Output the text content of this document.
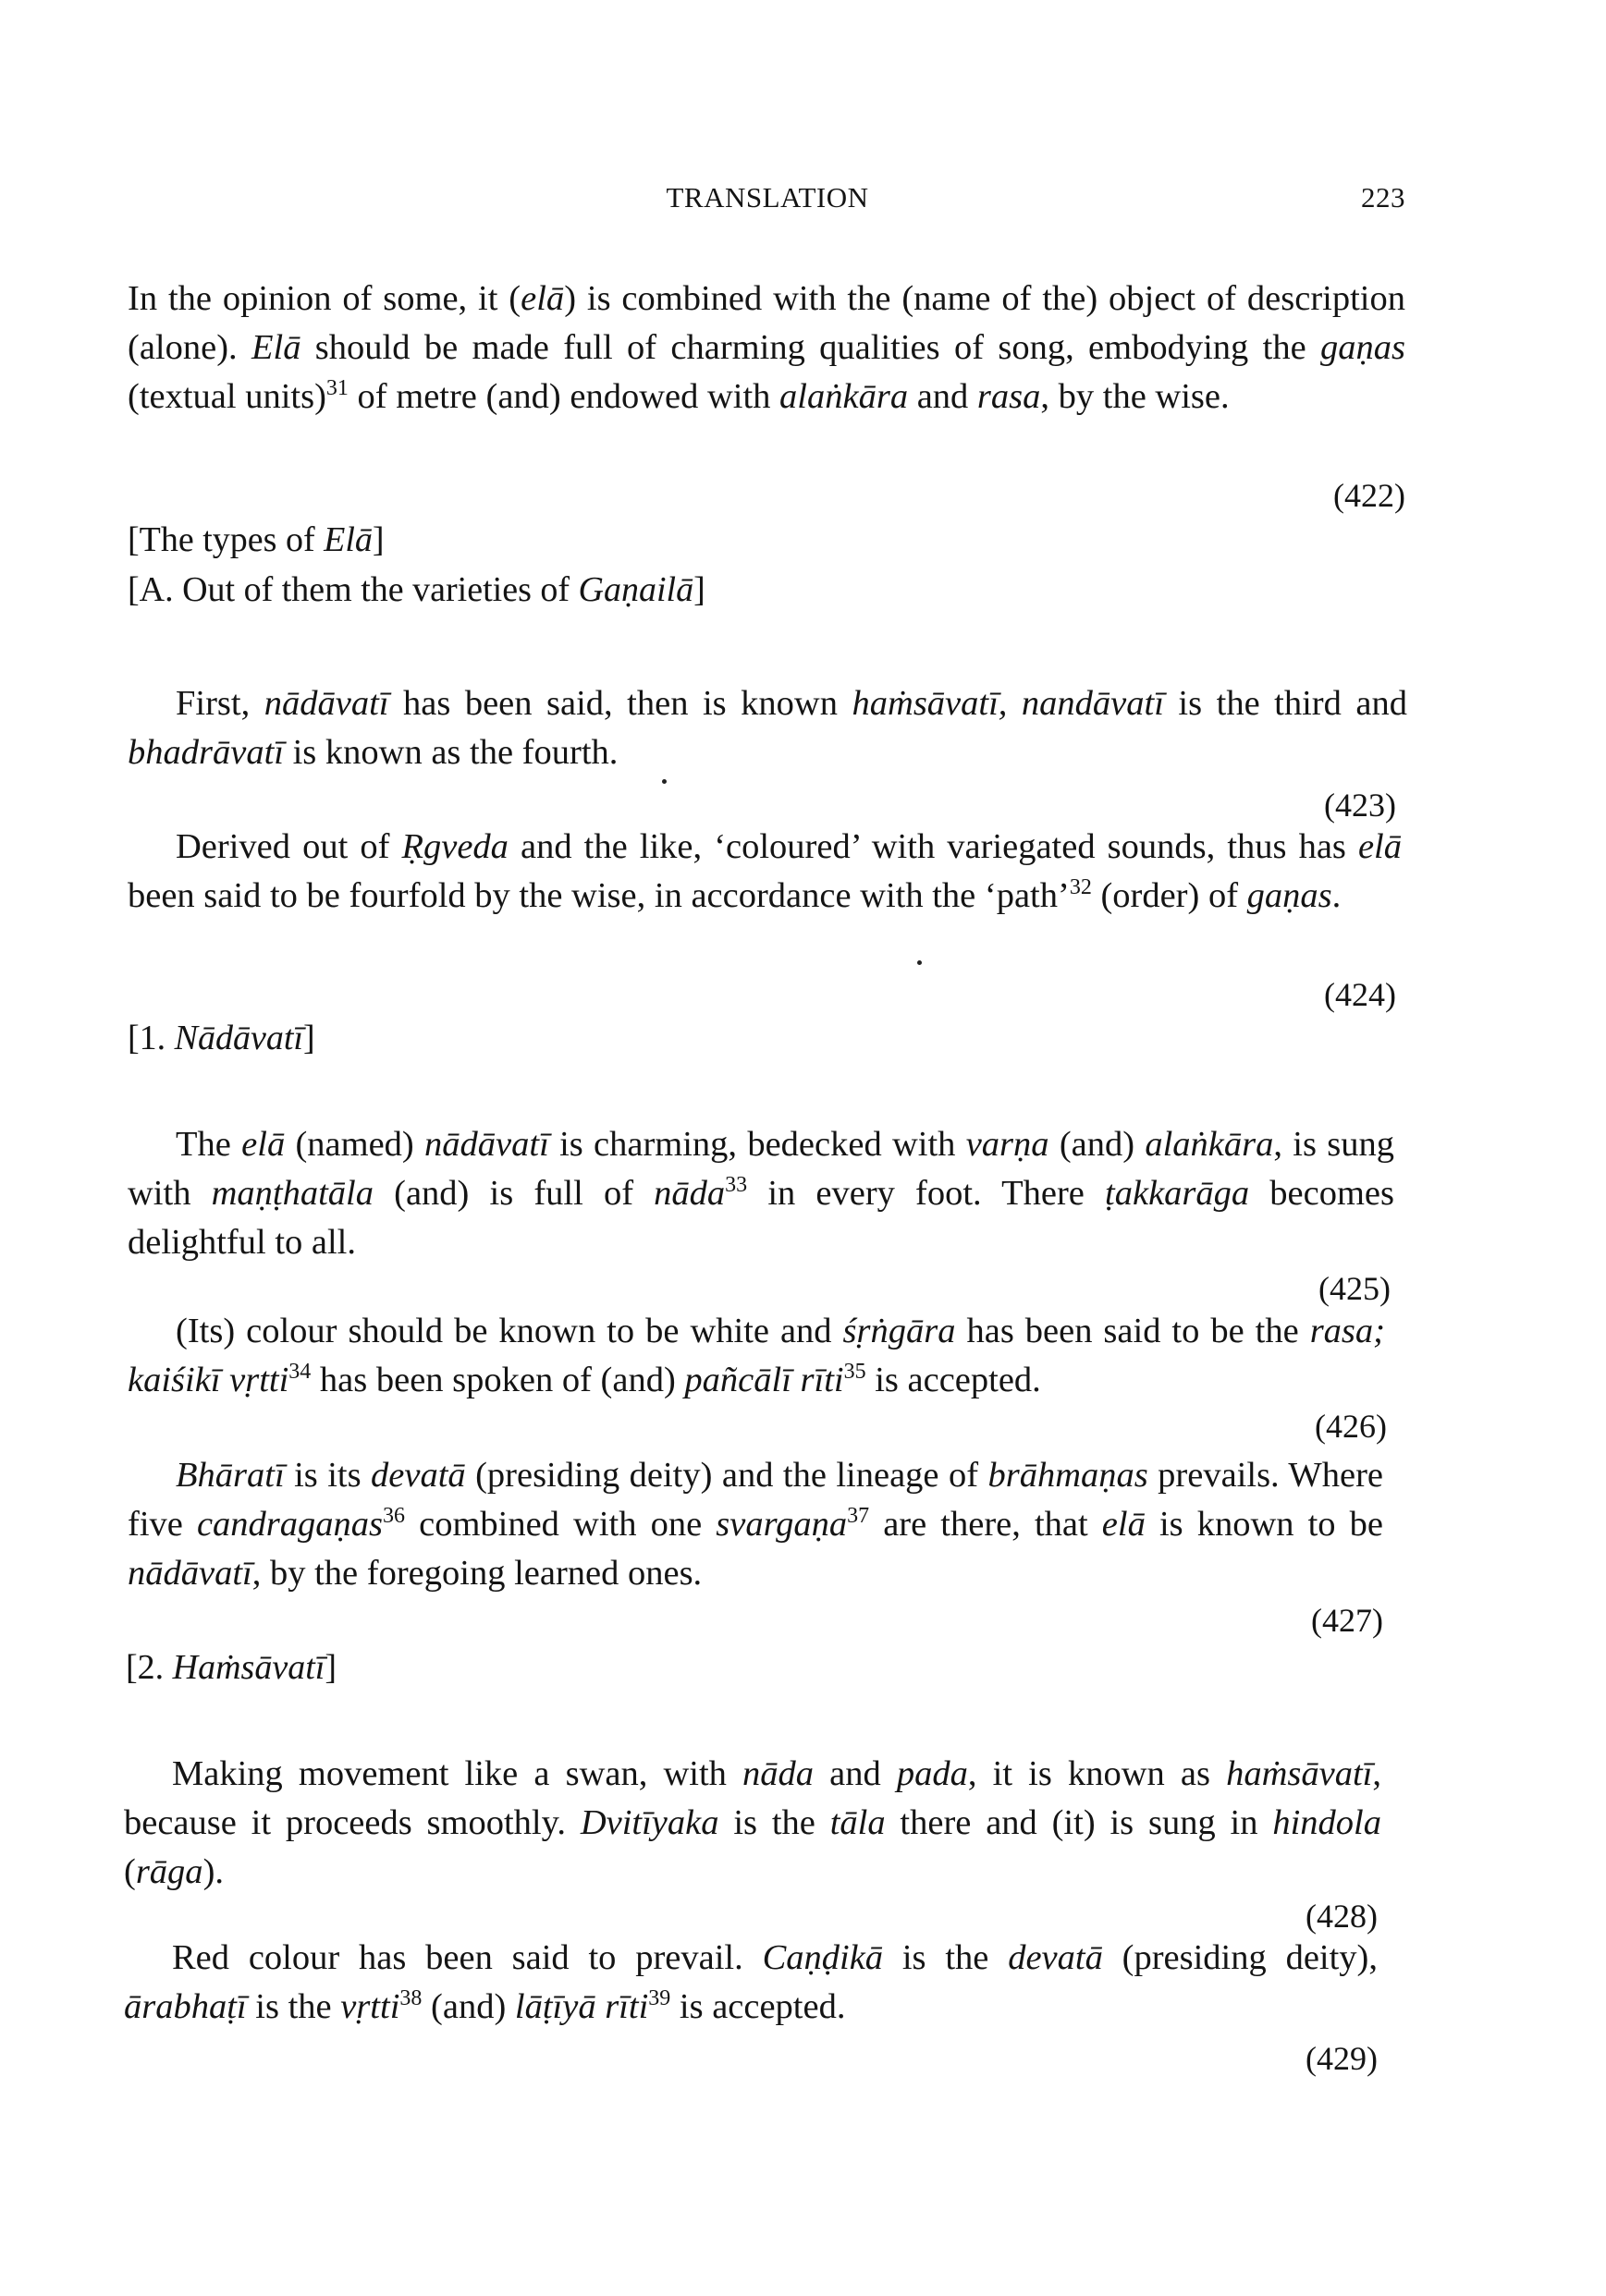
TRANSLATION	223
In the opinion of some, it (elā) is combined with the (name of the) object of description (alone). Elā should be made full of charming qualities of song, embodying the gaṇas (textual units)$^{31}$ of metre (and) endowed with alaṅkāra and rasa, by the wise.
(422)
[The types of Elā]
[A. Out of them the varieties of Gaṇailā]
First, nādāvatī has been said, then is known haṁsāvatī, nandāvatī is the third and bhadrāvatī is known as the fourth.
(423)
Derived out of Ṛgveda and the like, ‘coloured’ with variegated sounds, thus has elā been said to be fourfold by the wise, in accordance with the ‘path’$^{32}$ (order) of gaṇas.
(424)
[1. Nādāvatī]
The elā (named) nādāvatī is charming, bedecked with varṇa (and) alaṅkāra, is sung with maṇṭhatāla (and) is full of nāda$^{33}$ in every foot. There ṭakkarāga becomes delightful to all.
(425)
(Its) colour should be known to be white and śṛṅgāra has been said to be the rasa; kaiśikī vṛtti$^{34}$ has been spoken of (and) pañcālī rīti$^{35}$ is accepted.
(426)
Bhāratī is its devatā (presiding deity) and the lineage of brāhmaṇas prevails. Where five candragaṇas$^{36}$ combined with one svargaṇa$^{37}$ are there, that elā is known to be nādāvatī, by the foregoing learned ones.
(427)
[2. Haṁsāvatī]
Making movement like a swan, with nāda and pada, it is known as haṁsāvatī, because it proceeds smoothly. Dvitīyaka is the tāla there and (it) is sung in hindola (rāga).
(428)
Red colour has been said to prevail. Caṇḍikā is the devatā (presiding deity), ārabhaṭī is the vṛtti$^{38}$ (and) lāṭīyā rīti$^{39}$ is accepted.
(429)
